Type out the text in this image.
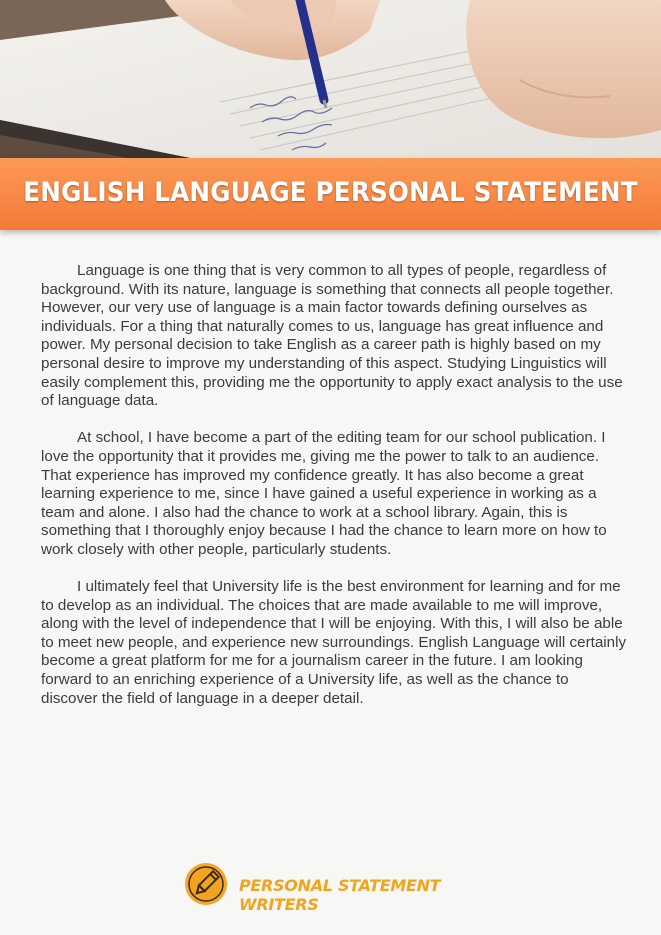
ENGLISH LANGUAGE PERSONAL STATEMENT

Language is one thing that is very common to all types of people, regardless of background. With its nature, language is something that connects all people together. However, our very use of language is a main factor towards defining ourselves as individuals. For a thing that naturally comes to us, language has great influence and power. My personal decision to take English as a career path is highly based on my personal desire to improve my understanding of this aspect. Studying Linguistics will easily complement this, providing me the opportunity to apply exact analysis to the use of language data.

At school, I have become a part of the editing team for our school publication. I love the opportunity that it provides me, giving me the power to talk to an audience. That experience has improved my confidence greatly. It has also become a great learning experience to me, since I have gained a useful experience in working as a team and alone. I also had the chance to work at a school library. Again, this is something that I thoroughly enjoy because I had the chance to learn more on how to work closely with other people, particularly students.

I ultimately feel that University life is the best environment for learning and for me to develop as an individual. The choices that are made available to me will improve, along with the level of independence that I will be enjoying. With this, I will also be able to meet new people, and experience new surroundings. English Language will certainly become a great platform for me for a journalism career in the future. I am looking forward to an enriching experience of a University life, as well as the chance to discover the field of language in a deeper detail.

PERSONAL STATEMENT WRITERS
